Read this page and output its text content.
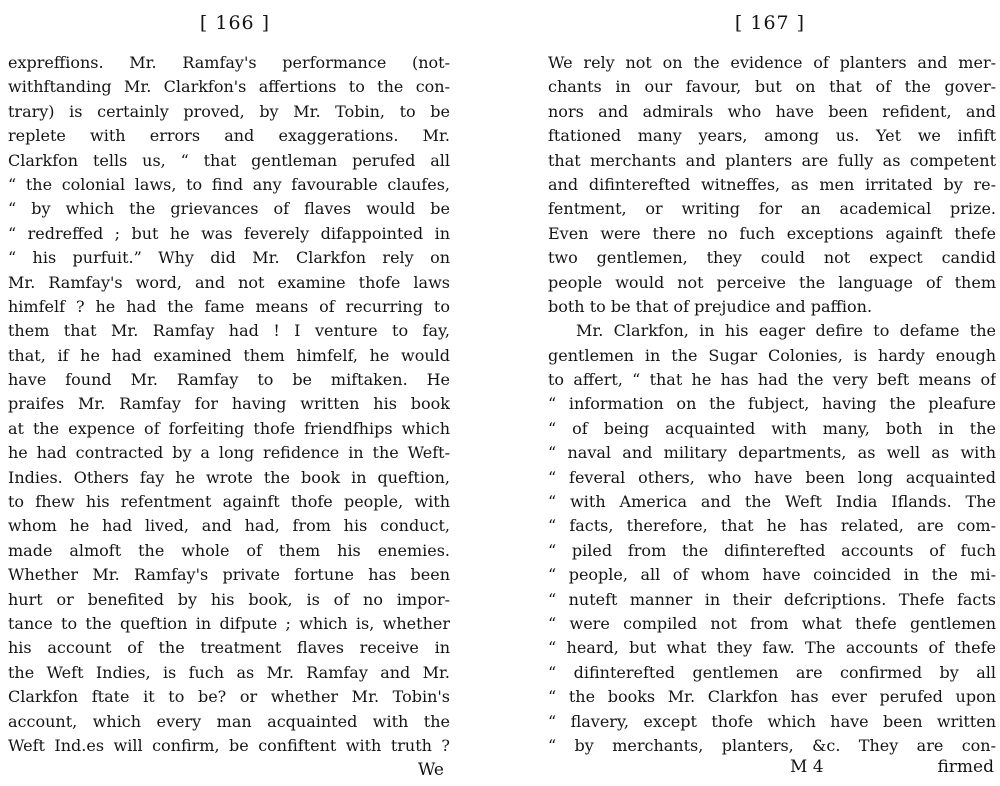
[ 166 ]
expreffions. Mr. Ramfay's performance (not-
withftanding Mr. Clarkfon's affertions to the con-
trary) is certainly proved, by Mr. Tobin, to be
replete with errors and exaggerations. Mr.
Clarkfon tells us, “ that gentleman perufed all
“ the colonial laws, to find any favourable claufes,
“ by which the grievances of flaves would be
“ redreffed ; but he was feverely difappointed in
“ his purfuit.” Why did Mr. Clarkfon rely on
Mr. Ramfay's word, and not examine thofe laws
himfelf ? he had the fame means of recurring to
them that Mr. Ramfay had ! I venture to fay,
that, if he had examined them himfelf, he would
have found Mr. Ramfay to be miftaken. He
praifes Mr. Ramfay for having written his book
at the expence of forfeiting thofe friendfhips which
he had contracted by a long refidence in the Weft-
Indies. Others fay he wrote the book in queftion,
to fhew his refentment againft thofe people, with
whom he had lived, and had, from his conduct,
made almoft the whole of them his enemies.
Whether Mr. Ramfay's private fortune has been
hurt or benefited by his book, is of no impor-
tance to the queftion in difpute ; which is, whether
his account of the treatment flaves receive in
the Weft Indies, is fuch as Mr. Ramfay and Mr.
Clarkfon ftate it to be? or whether Mr. Tobin's
account, which every man acquainted with the
Weft Ind.es will confirm, be confiftent with truth ?
We
[ 167 ]
We rely not on the evidence of planters and mer-
chants in our favour, but on that of the gover-
nors and admirals who have been refident, and
ftationed many years, among us. Yet we infift
that merchants and planters are fully as competent
and difinterefted witneffes, as men irritated by re-
fentment, or writing for an academical prize.
Even were there no fuch exceptions againft thefe
two gentlemen, they could not expect candid
people would not perceive the language of them
both to be that of prejudice and paffion.
Mr. Clarkfon, in his eager defire to defame the
gentlemen in the Sugar Colonies, is hardy enough
to affert, “ that he has had the very beft means of
“ information on the fubject, having the pleafure
“ of being acquainted with many, both in the
“ naval and military departments, as well as with
“ feveral others, who have been long acquainted
“ with America and the Weft India Iflands. The
“ facts, therefore, that he has related, are com-
“ piled from the difinterefted accounts of fuch
“ people, all of whom have coincided in the mi-
“ nuteft manner in their defcriptions. Thefe facts
“ were compiled not from what thefe gentlemen
“ heard, but what they faw. The accounts of thefe
“ difinterefted gentlemen are confirmed by all
“ the books Mr. Clarkfon has ever perufed upon
“ flavery, except thofe which have been written
“ by merchants, planters, &c. They are con-
M 4	firmed
